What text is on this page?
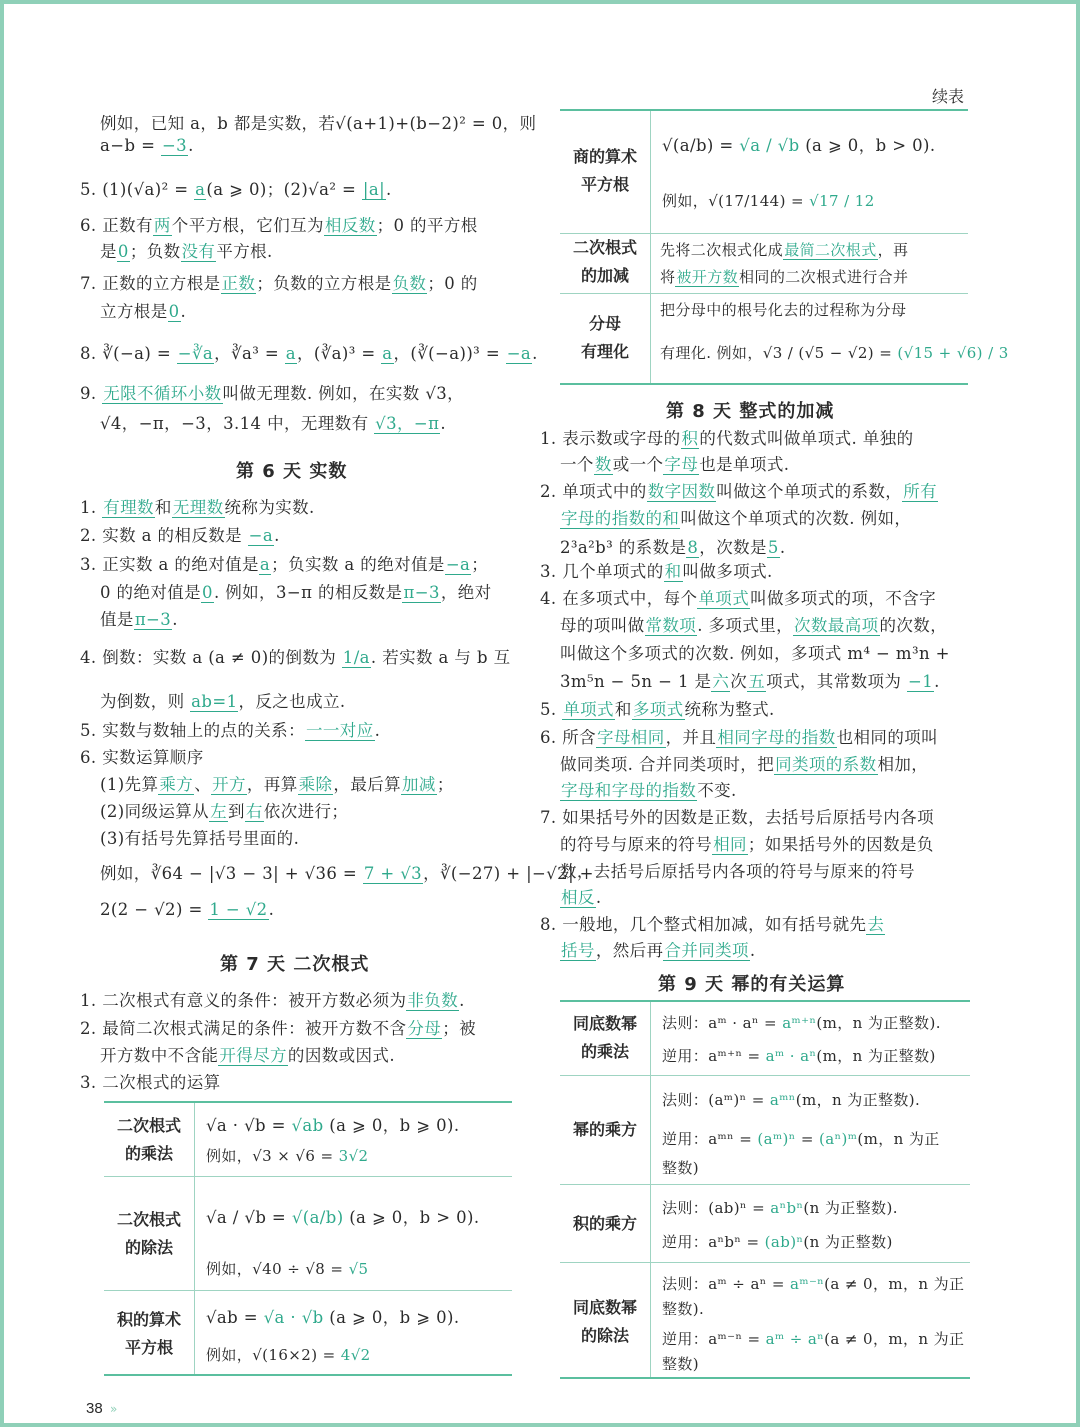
续表
例如，已知 a，b 都是实数，若√(a+1)+(b−2)² = 0，则
a−b = −3.
5. (1)(√a)² = a(a ⩾ 0)；(2)√a² = |a|.
6. 正数有两个平方根，它们互为相反数；0 的平方根
是0；负数没有平方根.
7. 正数的立方根是正数；负数的立方根是负数；0 的
立方根是0.
8. ∛(−a) = −∛a，∛a³ = a，(∛a)³ = a，(∛(−a))³ = −a.
9. 无限不循环小数叫做无理数. 例如，在实数 √3，
√4，−π，−3，3.14 中，无理数有 √3，−π.
第 6 天 实数
1. 有理数和无理数统称为实数.
2. 实数 a 的相反数是 −a.
3. 正实数 a 的绝对值是a；负实数 a 的绝对值是−a；
0 的绝对值是0. 例如，3−π 的相反数是π−3，绝对
值是π−3.
4. 倒数：实数 a (a ≠ 0)的倒数为 1/a. 若实数 a 与 b 互
为倒数，则 ab=1，反之也成立.
5. 实数与数轴上的点的关系：一一对应.
6. 实数运算顺序
(1)先算乘方、开方，再算乘除，最后算加减；
(2)同级运算从左到右依次进行；
(3)有括号先算括号里面的.
例如，∛64 − |√3 − 3| + √36 = 7 + √3，∛(−27) + |−√2| +
2(2 − √2) = 1 − √2.
第 7 天 二次根式
1. 二次根式有意义的条件：被开方数必须为非负数.
2. 最简二次根式满足的条件：被开方数不含分母；被
开方数中不含能开得尽方的因数或因式.
3. 二次根式的运算
二次根式
的乘法
√a · √b = √ab (a ⩾ 0，b ⩾ 0).
例如，√3 × √6 = 3√2
二次根式
的除法
√a / √b = √(a/b) (a ⩾ 0，b > 0).
例如，√40 ÷ √8 = √5
积的算术
平方根
√ab = √a · √b (a ⩾ 0，b ⩾ 0).
例如，√(16×2) = 4√2
商的算术
平方根
√(a/b) = √a / √b (a ⩾ 0，b > 0).
例如，√(17/144) = √17 / 12
二次根式
的加减
先将二次根式化成最简二次根式，再
将被开方数相同的二次根式进行合并
分母
有理化
把分母中的根号化去的过程称为分母
有理化. 例如，√3 / (√5 − √2) = (√15 + √6) / 3
第 8 天 整式的加减
1. 表示数或字母的积的代数式叫做单项式. 单独的
一个数或一个字母也是单项式.
2. 单项式中的数字因数叫做这个单项式的系数，所有
字母的指数的和叫做这个单项式的次数. 例如，
2³a²b³ 的系数是8，次数是5.
3. 几个单项式的和叫做多项式.
4. 在多项式中，每个单项式叫做多项式的项，不含字
母的项叫做常数项. 多项式里，次数最高项的次数，
叫做这个多项式的次数. 例如，多项式 m⁴ − m³n +
3m⁵n − 5n − 1 是六次五项式，其常数项为 −1.
5. 单项式和多项式统称为整式.
6. 所含字母相同，并且相同字母的指数也相同的项叫
做同类项. 合并同类项时，把同类项的系数相加，
字母和字母的指数不变.
7. 如果括号外的因数是正数，去括号后原括号内各项
的符号与原来的符号相同；如果括号外的因数是负
数，去括号后原括号内各项的符号与原来的符号
相反.
8. 一般地，几个整式相加减，如有括号就先去
括号，然后再合并同类项.
第 9 天 幂的有关运算
同底数幂
的乘法
法则：aᵐ · aⁿ = aᵐ⁺ⁿ(m，n 为正整数).
逆用：aᵐ⁺ⁿ = aᵐ · aⁿ(m，n 为正整数)
幂的乘方
法则：(aᵐ)ⁿ = aᵐⁿ(m，n 为正整数).
逆用：aᵐⁿ = (aᵐ)ⁿ = (aⁿ)ᵐ(m，n 为正
整数)
积的乘方
法则：(ab)ⁿ = aⁿbⁿ(n 为正整数).
逆用：aⁿbⁿ = (ab)ⁿ(n 为正整数)
同底数幂
的除法
法则：aᵐ ÷ aⁿ = aᵐ⁻ⁿ(a ≠ 0，m，n 为正
整数).
逆用：aᵐ⁻ⁿ = aᵐ ÷ aⁿ(a ≠ 0，m，n 为正
整数)
38 »
